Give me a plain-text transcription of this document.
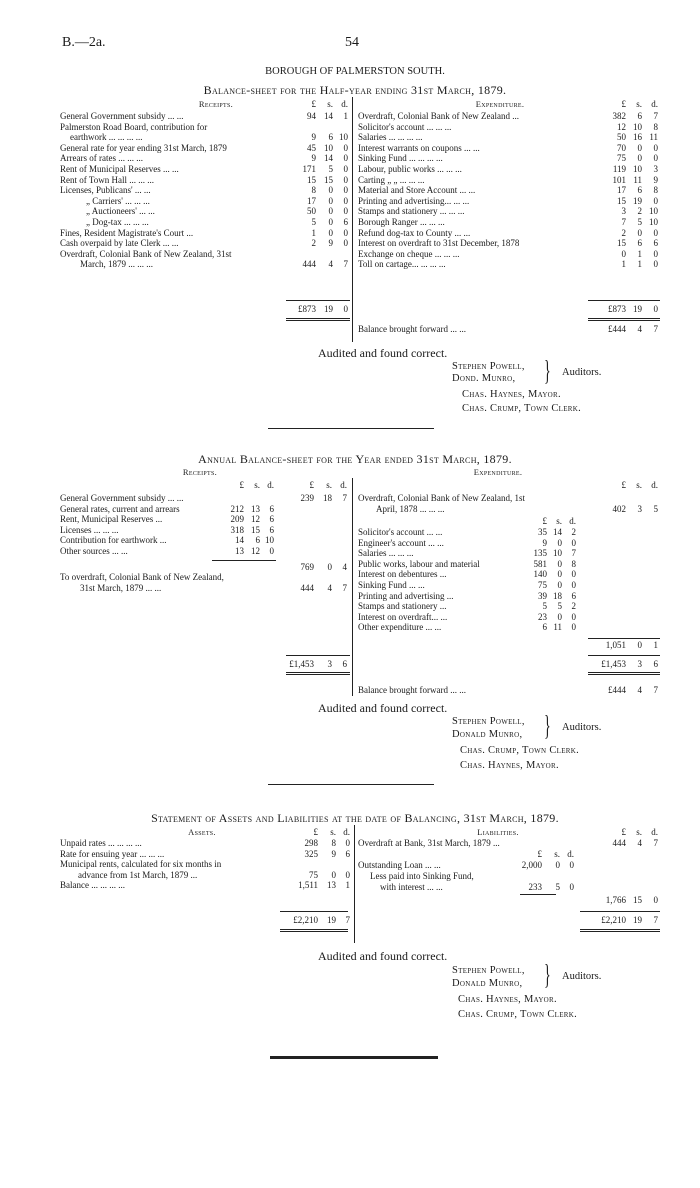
B.—2a.	54
BOROUGH OF PALMERSTON SOUTH.
Balance-sheet for the Half-year ending 31st March, 1879.
Receipts.	Expenditure.
£	s. d.	£	s.	d.
General Government subsidy ... ...	94 14	1
Palmerston Road Board, contribution for
earthwork ... ... ... ...	9	6 10
General rate for year ending 31st March, 1879	45 10	0
Arrears of rates ... ... ...	9 14	0
Rent of Municipal Reserves ... ...	171	5	0
Rent of Town Hall ... ... ...	15 15	0
Licenses, Publicans' ... ...	8	0	0
„ Carriers' ... ... ...	17	0	0
„ Auctioneers' ... ...	50	0	0
„ Dog-tax ... ... ...	5	0	6
Fines, Resident Magistrate's Court ...	1	0	0
Cash overpaid by late Clerk ... ...	2	9	0
Overdraft, Colonial Bank of New Zealand, 31st
March, 1879 ... ... ...	444	4	7
Overdraft, Colonial Bank of New Zealand ...	382	6	7
Solicitor's account ... ... ...	12 10	8
Salaries ... ... ... ...	50 16 11
Interest warrants on coupons ... ...	70	0	0
Sinking Fund ... ... ... ...	75	0	0
Labour, public works ... ... ...	119 10	3
Carting „ „ ... ... ...	101 11	9
Material and Store Account ... ...	17	6	8
Printing and advertising... ... ...	15 19	0
Stamps and stationery ... ... ...	3	2 10
Borough Ranger ... ... ...	7	5 10
Refund dog-tax to County ... ...	2	0	0
Interest on overdraft to 31st December, 1878	15	6	6
Exchange on cheque ... ... ...	0	1	0
Toll on cartage... ... ... ...	1	1	0
£873 19	0	£873 19	0
Balance brought forward ... ...	£444	4	7
Audited and found correct.
Stephen Powell,
Dond. Munro, } Auditors.
Chas. Haynes, Mayor.
Chas. Crump, Town Clerk.
Annual Balance-sheet for the Year ended 31st March, 1879.
Receipts.	Expenditure.
£	s. d.	£	s. d.	£	s.	d.
General Government subsidy ... ...	239	18	7
General rates, current and arrears	212 13	6
Rent, Municipal Reserves ...	209 12	6
Licenses ... ... ...	318 15	6
Contribution for earthwork ...	14	6 10
Other sources ... ...	13 12	0
769	0	4
To overdraft, Colonial Bank of New Zealand,
31st March, 1879 ... ...	444	4	7
Overdraft, Colonial Bank of New Zealand, 1st
April, 1878 ... ... ...	402	3	5
£	s. d.
Solicitor's account ... ...	35 14	2
Engineer's account ... ...	9	0	0
Salaries ... ... ...	135 10	7
Public works, labour and material	581	0	8
Interest on debentures ...	140	0	0
Sinking Fund ... ...	75	0	0
Printing and advertising ...	39 18	6
Stamps and stationery ...	5	5	2
Interest on overdraft... ...	23	0	0
Other expenditure ... ...	6 11	0
1,051	0	1
£1,453	3	6	£1,453	3	6
Balance brought forward ... ...	£444	4	7
Audited and found correct.
Stephen Powell,
Donald Munro, } Auditors.
Chas. Crump, Town Clerk.
Chas. Haynes, Mayor.
Statement of Assets and Liabilities at the date of Balancing, 31st March, 1879.
Assets.	Liabilities.
£	s. d.	£	s.	d.
Unpaid rates ... ... ... ...	298	8	0
Rate for ensuing year ... ... ...	325	9	6
Municipal rents, calculated for six months in
advance from 1st March, 1879 ...	75	0	0
Balance ... ... ... ...	1,511	13	1
Overdraft at Bank, 31st March, 1879 ...	444	4	7
£	s. d.
Outstanding Loan ... ...	2,000	0	0
Less paid into Sinking Fund,
with interest ... ...	233	5	0
1,766 15	0
£2,210	19	7	£2,210 19	7
Audited and found correct.
Stephen Powell,
Donald Munro, } Auditors.
Chas. Haynes, Mayor.
Chas. Crump, Town Clerk.
